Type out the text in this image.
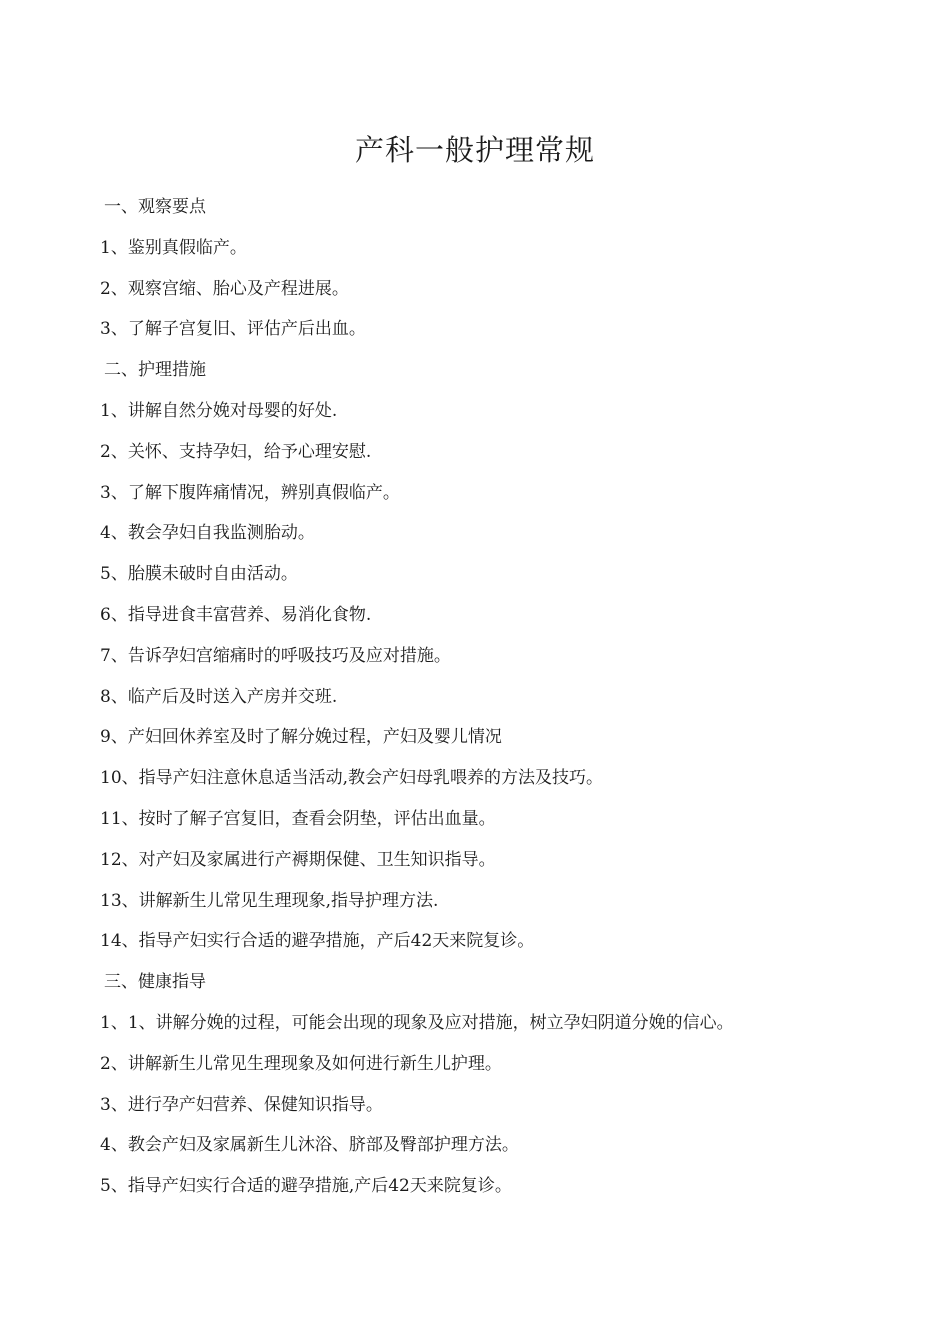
产科一般护理常规
一、观察要点
1、鉴别真假临产。
2、观察宫缩、胎心及产程进展。
3、了解子宫复旧、评估产后出血。
二、护理措施
1、讲解自然分娩对母婴的好处.
2、关怀、支持孕妇，给予心理安慰.
3、了解下腹阵痛情况，辨别真假临产。
4、教会孕妇自我监测胎动。
5、胎膜未破时自由活动。
6、指导进食丰富营养、易消化食物.
7、告诉孕妇宫缩痛时的呼吸技巧及应对措施。
8、临产后及时送入产房并交班.
9、产妇回休养室及时了解分娩过程，产妇及婴儿情况
10、指导产妇注意休息适当活动,教会产妇母乳喂养的方法及技巧。
11、按时了解子宫复旧，查看会阴垫，评估出血量。
12、对产妇及家属进行产褥期保健、卫生知识指导。
13、讲解新生儿常见生理现象,指导护理方法.
14、指导产妇实行合适的避孕措施，产后42天来院复诊。
三、健康指导
1、1、讲解分娩的过程，可能会出现的现象及应对措施，树立孕妇阴道分娩的信心。
2、讲解新生儿常见生理现象及如何进行新生儿护理。
3、进行孕产妇营养、保健知识指导。
4、教会产妇及家属新生儿沐浴、脐部及臀部护理方法。
5、指导产妇实行合适的避孕措施,产后42天来院复诊。
